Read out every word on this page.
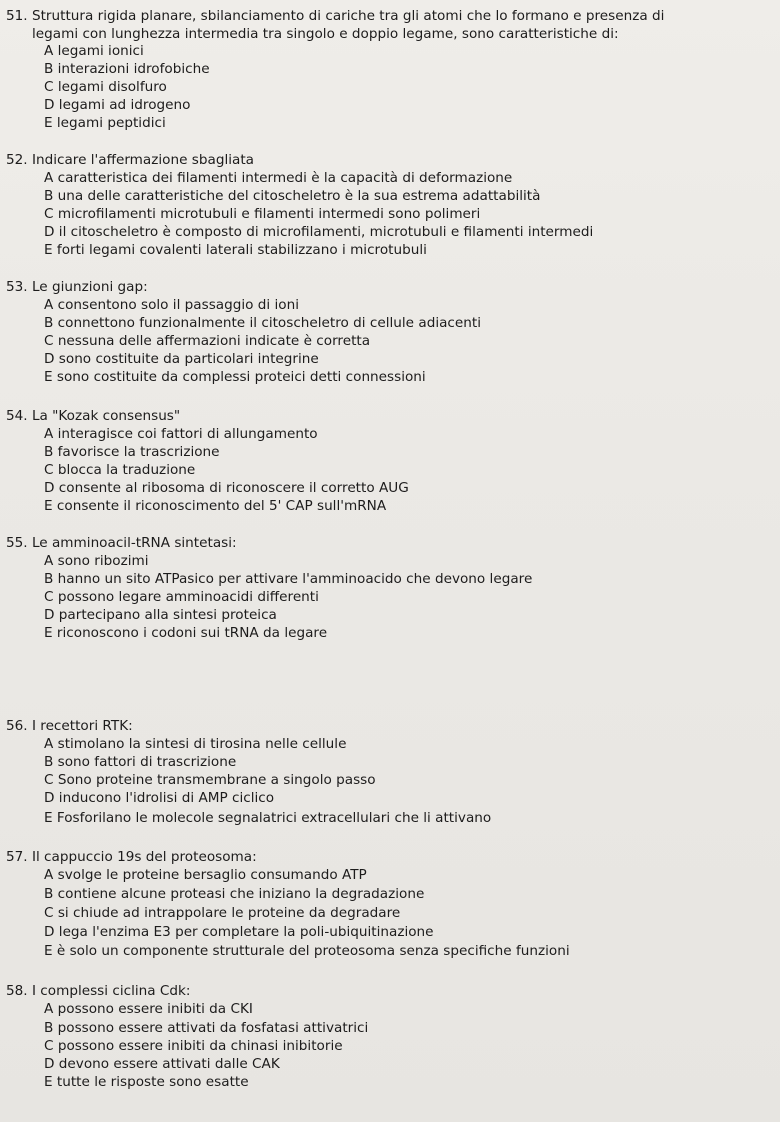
51. Struttura rigida planare, sbilanciamento di cariche tra gli atomi che lo formano e presenza di
legami con lunghezza intermedia tra singolo e doppio legame, sono caratteristiche di:
A legami ionici
B interazioni idrofobiche
C legami disolfuro
D legami ad idrogeno
E legami peptidici
52. Indicare l'affermazione sbagliata
A caratteristica dei filamenti intermedi è la capacità di deformazione
B una delle caratteristiche del citoscheletro è la sua estrema adattabilità
C microfilamenti microtubuli e filamenti intermedi sono polimeri
D il citoscheletro è composto di microfilamenti, microtubuli e filamenti intermedi
E forti legami covalenti laterali stabilizzano i microtubuli
53. Le giunzioni gap:
A consentono solo il passaggio di ioni
B connettono funzionalmente il citoscheletro di cellule adiacenti
C nessuna delle affermazioni indicate è corretta
D sono costituite da particolari integrine
E sono costituite da complessi proteici detti connessioni
54. La "Kozak consensus"
A interagisce coi fattori di allungamento
B favorisce la trascrizione
C blocca la traduzione
D consente al ribosoma di riconoscere il corretto AUG
E consente il riconoscimento del 5' CAP sull'mRNA
55. Le amminoacil-tRNA sintetasi:
A sono ribozimi
B hanno un sito ATPasico per attivare l'amminoacido che devono legare
C possono legare amminoacidi differenti
D partecipano alla sintesi proteica
E riconoscono i codoni sui tRNA da legare
56. I recettori RTK:
A stimolano la sintesi di tirosina nelle cellule
B sono fattori di trascrizione
C Sono proteine transmembrane a singolo passo
D inducono l'idrolisi di AMP ciclico
E Fosforilano le molecole segnalatrici extracellulari che li attivano
57. Il cappuccio 19s del proteosoma:
A svolge le proteine bersaglio consumando ATP
B contiene alcune proteasi che iniziano la degradazione
C si chiude ad intrappolare le proteine da degradare
D lega l'enzima E3 per completare la poli-ubiquitinazione
E è solo un componente strutturale del proteosoma senza specifiche funzioni
58. I complessi ciclina Cdk:
A possono essere inibiti da CKI
B possono essere attivati da fosfatasi attivatrici
C possono essere inibiti da chinasi inibitorie
D devono essere attivati dalle CAK
E tutte le risposte sono esatte
